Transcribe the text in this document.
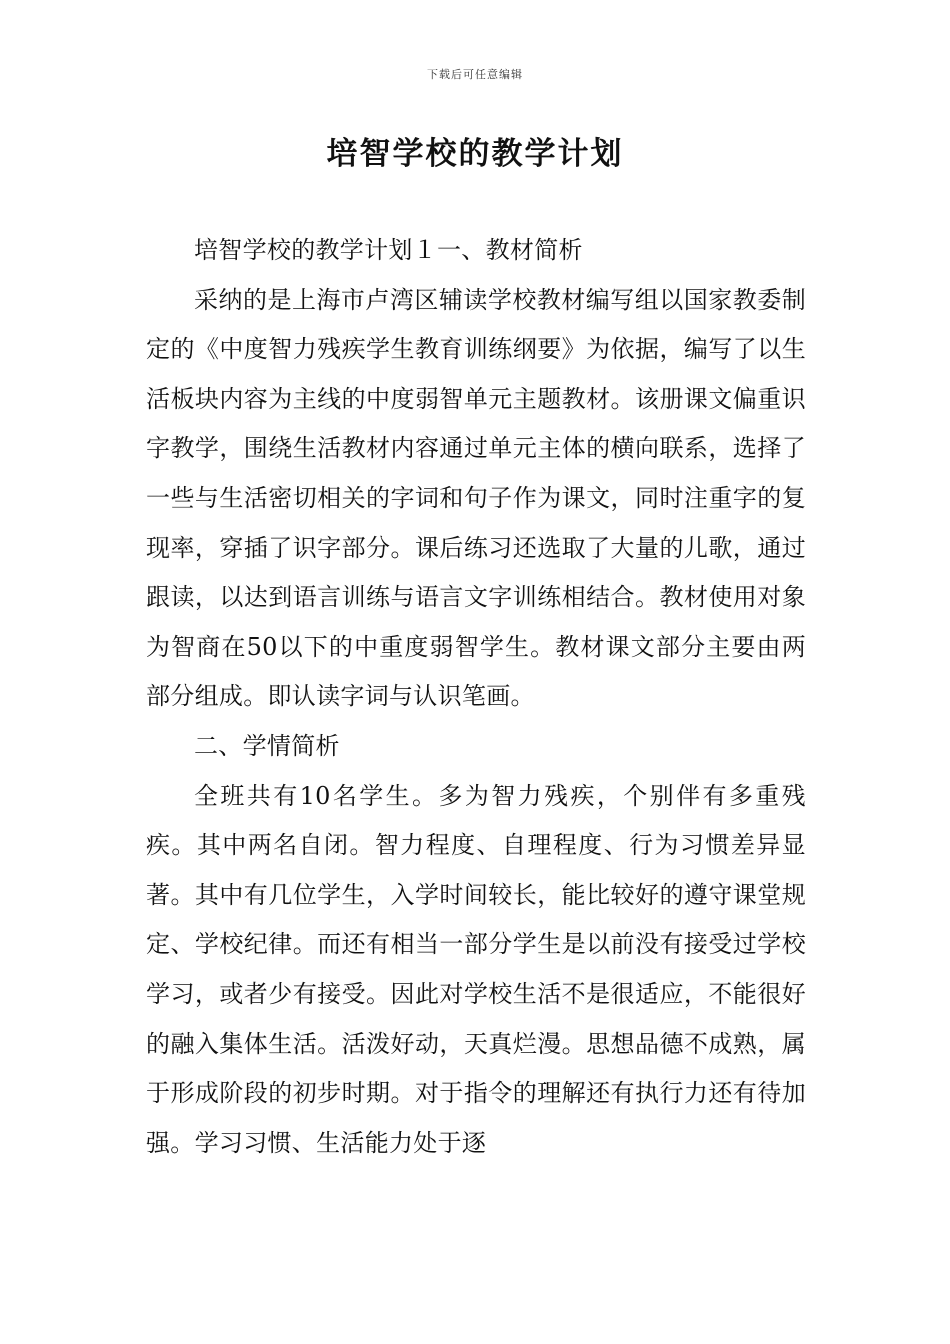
下载后可任意编辑
培智学校的教学计划

培智学校的教学计划１一、教材简析

采纳的是上海市卢湾区辅读学校教材编写组以国家教委制定的《中度智力残疾学生教育训练纲要》为依据，编写了以生活板块内容为主线的中度弱智单元主题教材。该册课文偏重识字教学，围绕生活教材内容通过单元主体的横向联系，选择了一些与生活密切相关的字词和句子作为课文，同时注重字的复现率，穿插了识字部分。课后练习还选取了大量的儿歌，通过跟读，以达到语言训练与语言文字训练相结合。教材使用对象为智商在50以下的中重度弱智学生。教材课文部分主要由两部分组成。即认读字词与认识笔画。

二、学情简析

全班共有10名学生。多为智力残疾，个别伴有多重残疾。其中两名自闭。智力程度、自理程度、行为习惯差异显著。其中有几位学生，入学时间较长，能比较好的遵守课堂规定、学校纪律。而还有相当一部分学生是以前没有接受过学校学习，或者少有接受。因此对学校生活不是很适应，不能很好的融入集体生活。活泼好动，天真烂漫。思想品德不成熟，属于形成阶段的初步时期。对于指令的理解还有执行力还有待加强。学习习惯、生活能力处于逐
